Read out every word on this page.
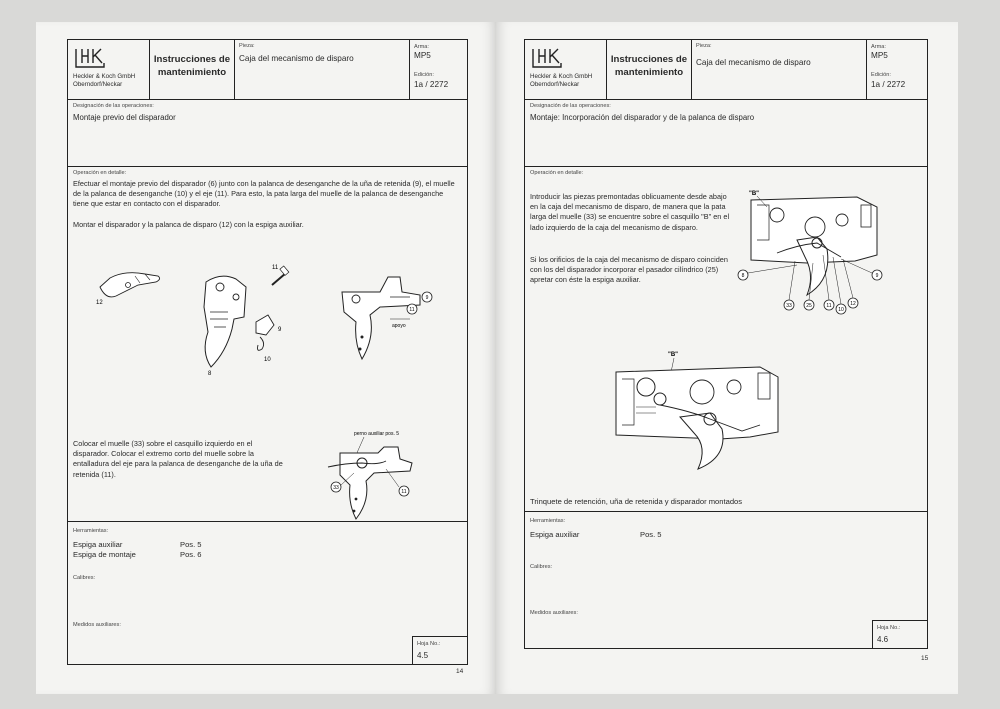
Heckler & Koch GmbH
Oberndorf/Neckar
Instrucciones de mantenimiento
Pieza:
Caja del mecanismo de disparo
Arma:
MP5
Edición:
1a / 2272
Designación de las operaciones:
Montaje previo del disparador
Operación en detalle:
Efectuar el montaje previo del disparador (6) junto con la palanca de desenganche de la uña de retenida (9), el muelle de la palanca de desenganche (10) y el eje (11). Para esto, la pata larga del muelle de la palanca de desenganche tiene que estar en contacto con el disparador.
Montar el disparador y la palanca de disparo (12) con la espiga auxiliar.
12
11
8
9
10
9
11
apoyo
Colocar el muelle (33) sobre el casquillo izquierdo en el disparador. Colocar el extremo corto del muelle sobre la entalladura del eje para la palanca de desenganche de la uña de retenida (11).
perno auxiliar pos. 5
33
11
Herramientas:
Espiga auxiliar	Pos. 5
Espiga de montaje	Pos. 6
Calibres:
Medidos auxiliares:
Hoja No.:
4.5
14
Heckler & Koch GmbH
Oberndorf/Neckar
Instrucciones de mantenimiento
Pieza:
Caja del mecanismo de disparo
Arma:
MP5
Edición:
1a / 2272
Designación de las operaciones:
Montaje: Incorporación del disparador y de la palanca de disparo
Operación en detalle:
Introducir las piezas premontadas oblicuamente desde abajo en la caja del mecanismo de disparo, de manera que la pata larga del muelle (33) se encuentre sobre el casquillo "B" en el lado izquierdo de la caja del mecanismo de disparo.
Si los orificios de la caja del mecanismo de disparo coinciden con los del disparador incorporar el pasador cilíndrico (25) apretar con éste la espiga auxiliar.
"B"
8	9
33	25	11
10
12
"B"
Trinquete de retención, uña de retenida y disparador montados
Herramientas:
Espiga auxiliar	Pos. 5
Calibres:
Medidos auxiliares:
Hoja No.:
4.6
15
